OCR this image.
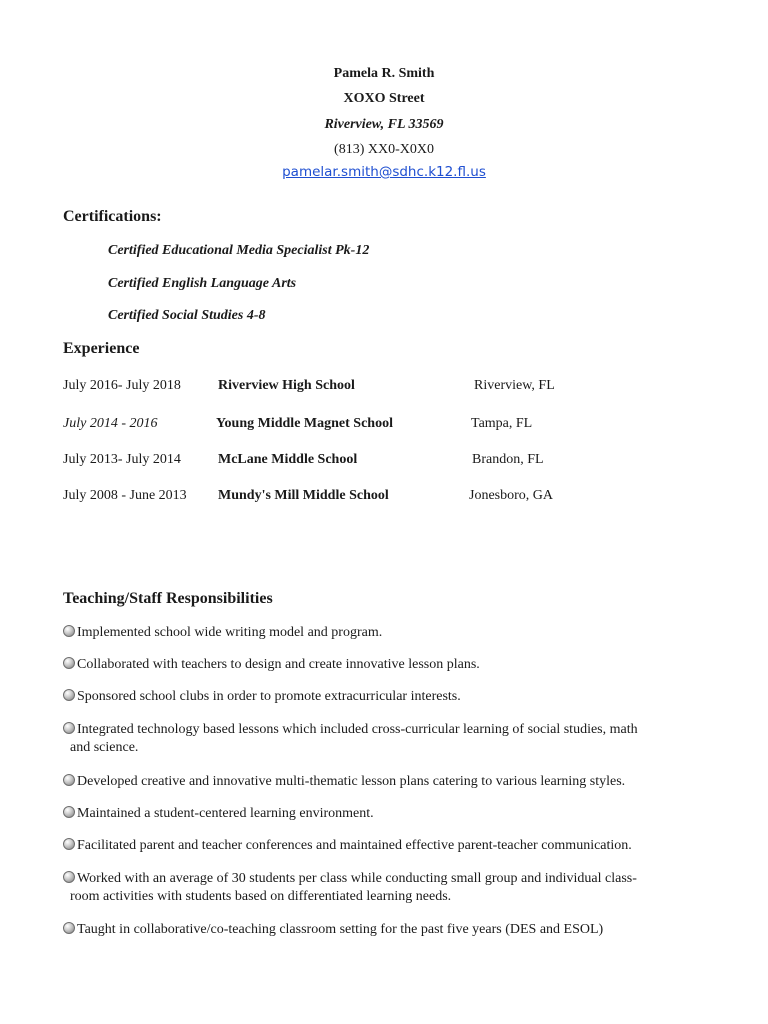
Pamela R. Smith
XOXO Street
Riverview, FL 33569
(813) XX0-X0X0
pamelar.smith@sdhc.k12.fl.us
Certifications:
Certified Educational Media Specialist Pk-12
Certified English Language Arts
Certified Social Studies 4-8
Experience
July 2016- July 2018	Riverview High School	Riverview, FL
July 2014 - 2016	Young Middle Magnet School	Tampa, FL
July 2013- July 2014	McLane Middle School	Brandon, FL
July 2008 - June 2013 Mundy's Mill Middle School	Jonesboro, GA
Teaching/Staff Responsibilities
Implemented school wide writing model and program.
Collaborated with teachers to design and create innovative lesson plans.
Sponsored school clubs in order to promote extracurricular interests.
Integrated technology based lessons which included cross-curricular learning of social studies, math
and science.
Developed creative and innovative multi-thematic lesson plans catering to various learning styles.
Maintained a student-centered learning environment.
Facilitated parent and teacher conferences and maintained effective parent-teacher communication.
Worked with an average of 30 students per class while conducting small group and individual class-
room activities with students based on differentiated learning needs.
Taught in collaborative/co-teaching classroom setting for the past five years (DES and ESOL)
